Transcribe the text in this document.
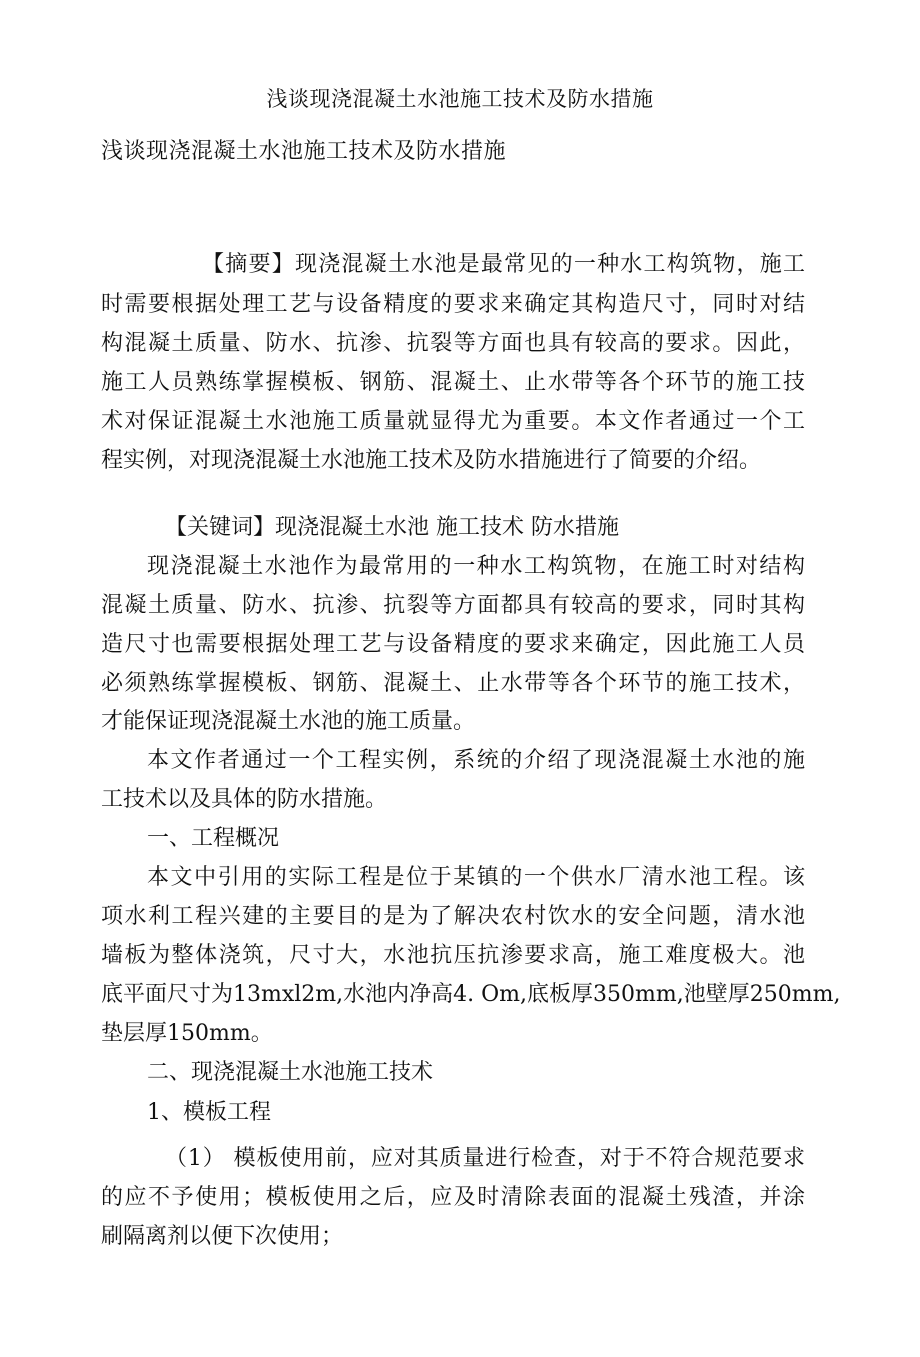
浅谈现浇混凝土水池施工技术及防水措施

浅谈现浇混凝土水池施工技术及防水措施

【摘要】现浇混凝土水池是最常见的一种水工构筑物，施工

时需要根据处理工艺与设备精度的要求来确定其构造尺寸，同时对结

构混凝土质量、防水、抗渗、抗裂等方面也具有较高的要求。因此，

施工人员熟练掌握模板、钢筋、混凝土、止水带等各个环节的施工技

术对保证混凝土水池施工质量就显得尤为重要。本文作者通过一个工

程实例，对现浇混凝土水池施工技术及防水措施进行了简要的介绍。

【关键词】现浇混凝土水池 施工技术 防水措施

现浇混凝土水池作为最常用的一种水工构筑物，在施工时对结构

混凝土质量、防水、抗渗、抗裂等方面都具有较高的要求，同时其构

造尺寸也需要根据处理工艺与设备精度的要求来确定，因此施工人员

必须熟练掌握模板、钢筋、混凝土、止水带等各个环节的施工技术，

才能保证现浇混凝土水池的施工质量。

本文作者通过一个工程实例，系统的介绍了现浇混凝土水池的施

工技术以及具体的防水措施。

一、工程概况

本文中引用的实际工程是位于某镇的一个供水厂清水池工程。该

项水利工程兴建的主要目的是为了解决农村饮水的安全问题，清水池

墙板为整体浇筑，尺寸大，水池抗压抗渗要求高，施工难度极大。池

底平面尺寸为13mxl2m,水池内净高4. Om,底板厚350mm,池壁厚250mm,

垫层厚150mm。

二、现浇混凝土水池施工技术

1、模板工程

（1） 模板使用前，应对其质量进行检查，对于不符合规范要求

的应不予使用；模板使用之后，应及时清除表面的混凝土残渣，并涂

刷隔离剂以便下次使用；
